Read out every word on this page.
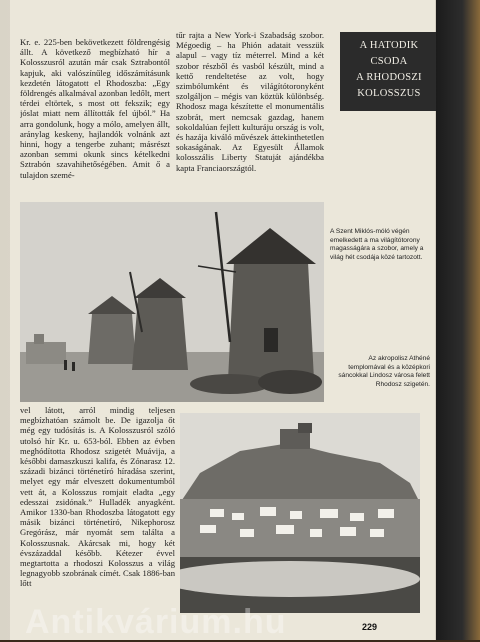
Kr. e. 225-ben bekövetkezett földrengésig állt. A következő megbízható hír a Kolosszusról azután már csak Sztrabontól kapjuk, aki valószínűleg időszámításunk kezdetén látogatott el Rhodoszba: „Egy földrengés alkalmával azonban ledőlt, mert térdei eltörtek, s most ott fekszik; egy jóslat miatt nem állították fel újból.” Ha arra gondolunk, hogy a mólo, amelyen állt, aránylag keskeny, hajlandók volnánk azt hinni, hogy a tengerbe zuhant; másrészt azonban semmi okunk sincs kételkedni Sztrabón szavahihetőségében. Amit ő a tulajdon szemé-

tűr rajta a New York-i Szabadság szobor. Mégoedig – ha Phión adatait vesszük alapul – vagy tíz méterrel. Mind a két szobor részből és vasból készült, mind a kettő rendeltetése az volt, hogy szimbólumként és világítótoronyként szolgáljon – mégis van köztük különbség. Rhodosz maga készítette el monumentális szobrát, mert nemcsak gazdag, hanem sokoldalúan fejlett kulturáju ország is volt, és hazája kiváló művészek áttekinthetetlen sokaságának. Az Egyesült Államok kolosszális Liberty Statuját ajándékba kapta Franciaországtól.

A HATODIK
CSODA
A RHODOSZI
KOLOSSZUS
A Szent Miklós-móló végén emelkedett a ma világítótorony magasságára a szobor, amely a világ hét csodája közé tartozott.
Az akropolisz Athéné templomával és a középkori sáncokkal Lindosz városa felett Rhodosz szigetén.

vel látott, arról mindig teljesen megbízhatóan számolt be. De igazolja őt még egy tudósítás is. A Kolosszusról szóló utolsó hír Kr. u. 653-ból. Ebben az évben meghódította Rhodosz szigetét Muávija, a későbbi damaszkuszi kalifa, és Zónarasz 12. századi bizánci történetíró híradása szerint, melyet egy már elveszett dokumentumból vett át, a Kolosszus romjait eladta „egy edesszai zsidónak.” Hulladék anyagként. Amikor 1330-ban Rhodoszba látogatott egy másik bizánci történetíró, Nikephorosz Gregórász, már nyomát sem találta a Kolosszusnak. Akárcsak mi, hogy két évszázaddal később. Kétezer évvel megtartotta a rhodoszi Kolosszus a világ legnagyobb szobrának címét. Csak 1886-ban lőtt

229
Antikvárium.hu
